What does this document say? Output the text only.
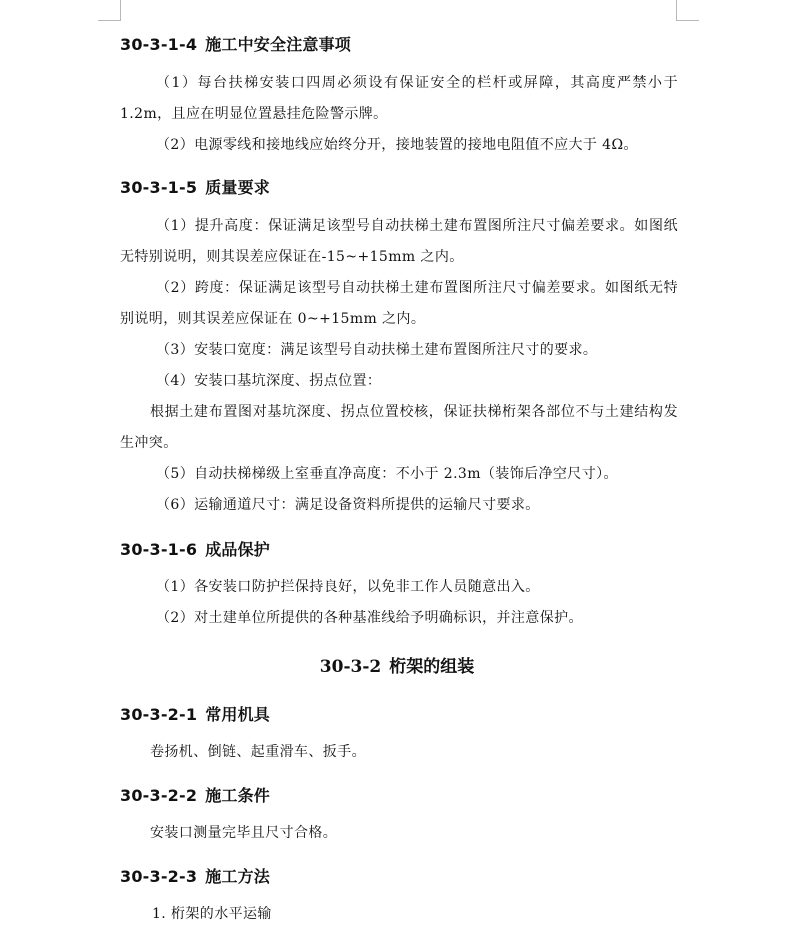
30-3-1-4 施工中安全注意事项
（1）每台扶梯安装口四周必须设有保证安全的栏杆或屏障，其高度严禁小于 1.2m，且应在明显位置悬挂危险警示牌。
（2）电源零线和接地线应始终分开，接地装置的接地电阻值不应大于 4Ω。
30-3-1-5 质量要求
（1）提升高度：保证满足该型号自动扶梯土建布置图所注尺寸偏差要求。如图纸无特别说明，则其误差应保证在-15~+15mm 之内。
（2）跨度：保证满足该型号自动扶梯土建布置图所注尺寸偏差要求。如图纸无特别说明，则其误差应保证在 0~+15mm 之内。
（3）安装口宽度：满足该型号自动扶梯土建布置图所注尺寸的要求。
（4）安装口基坑深度、拐点位置：
根据土建布置图对基坑深度、拐点位置校核，保证扶梯桁架各部位不与土建结构发生冲突。
（5）自动扶梯梯级上室垂直净高度：不小于 2.3m（装饰后净空尺寸）。
（6）运输通道尺寸：满足设备资料所提供的运输尺寸要求。
30-3-1-6 成品保护
（1）各安装口防护拦保持良好，以免非工作人员随意出入。
（2）对土建单位所提供的各种基准线给予明确标识，并注意保护。
30-3-2 桁架的组装
30-3-2-1 常用机具
卷扬机、倒链、起重滑车、扳手。
30-3-2-2 施工条件
安装口测量完毕且尺寸合格。
30-3-2-3 施工方法
1. 桁架的水平运输
